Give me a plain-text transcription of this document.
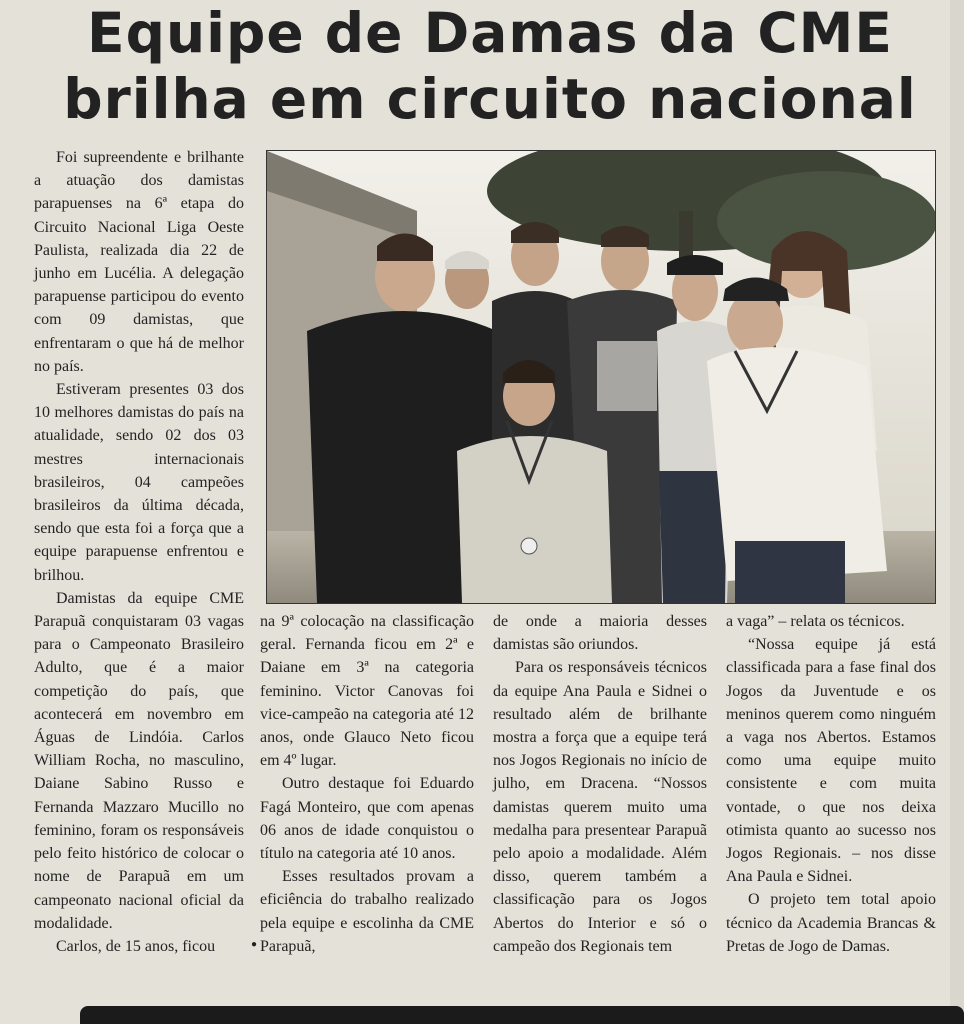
Equipe de Damas da CME
brilha em circuito nacional

Foi supreendente e brilhante a atuação dos damistas parapuenses na 6ª etapa do Circuito Nacional Liga Oeste Paulista, realizada dia 22 de junho em Lucélia. A delegação parapuense participou do evento com 09 damistas, que enfrentaram o que há de melhor no país.

Estiveram presentes 03 dos 10 melhores damistas do país na atualidade, sendo 02 dos 03 mestres internacionais brasileiros, 04 campeões brasileiros da última década, sendo que esta foi a força que a equipe parapuense enfrentou e brilhou.

Damistas da equipe CME Parapuã conquistaram 03 vagas para o Campeonato Brasileiro Adulto, que é a maior competição do país, que acontecerá em novembro em Águas de Lindóia. Carlos William Rocha, no masculino, Daiane Sabino Russo e Fernanda Mazzaro Mucillo no feminino, foram os responsáveis pelo feito histórico de colocar o nome de Parapuã em um campeonato nacional oficial da modalidade.

Carlos, de 15 anos, ficou

na 9ª colocação na classificação geral. Fernanda ficou em 2ª e Daiane em 3ª na categoria feminino. Victor Canovas foi vice-campeão na categoria até 12 anos, onde Glauco Neto ficou em 4º lugar.

Outro destaque foi Eduardo Fagá Monteiro, que com apenas 06 anos de idade conquistou o título na categoria até 10 anos.

Esses resultados provam a eficiência do trabalho realizado pela equipe e escolinha da CME Parapuã,

●

de onde a maioria desses damistas são oriundos.

Para os responsáveis técnicos da equipe Ana Paula e Sidnei o resultado além de brilhante mostra a força que a equipe terá nos Jogos Regionais no início de julho, em Dracena. “Nossos damistas querem muito uma medalha para presentear Parapuã pelo apoio a modalidade. Além disso, querem também a classificação para os Jogos Abertos do Interior e só o campeão dos Regionais tem

a vaga” – relata os técnicos.

“Nossa equipe já está classificada para a fase final dos Jogos da Juventude e os meninos querem como ninguém a vaga nos Abertos. Estamos como uma equipe muito consistente e com muita vontade, o que nos deixa otimista quanto ao sucesso nos Jogos Regionais. – nos disse Ana Paula e Sidnei.

O projeto tem total apoio técnico da Academia Brancas & Pretas de Jogo de Damas.
